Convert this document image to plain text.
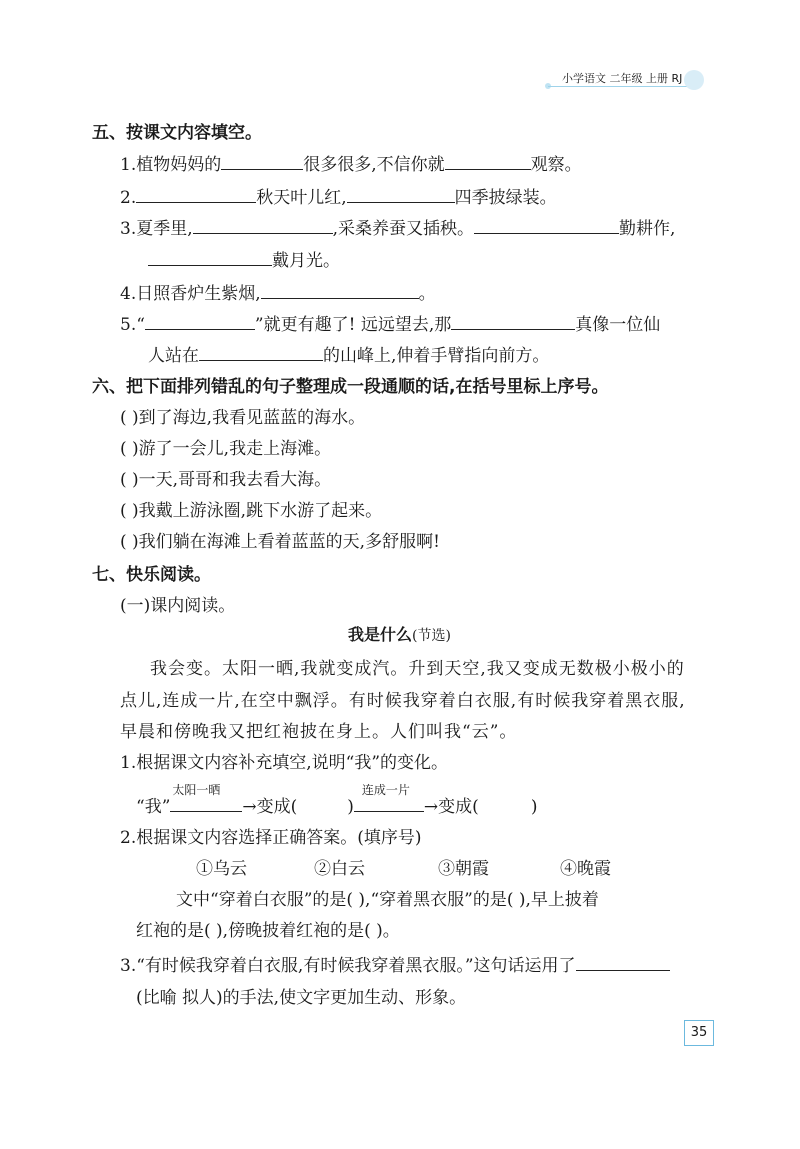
小学语文 二年级 上册 RJ
五、按课文内容填空。
1.植物妈妈的	很多很多,不信你就	观察。
2.	秋天叶儿红,	四季披绿装。
3.夏季里,	,采桑养蚕又插秧。	勤耕作,
戴月光。
4.日照香炉生紫烟,	。
5.“	”就更有趣了! 远远望去,那	真像一位仙
人站在	的山峰上,伸着手臂指向前方。
六、把下面排列错乱的句子整理成一段通顺的话,在括号里标上序号。
( )到了海边,我看见蓝蓝的海水。
( )游了一会儿,我走上海滩。
( )一天,哥哥和我去看大海。
( )我戴上游泳圈,跳下水游了起来。
( )我们躺在海滩上看着蓝蓝的天,多舒服啊!
七、快乐阅读。
(一)课内阅读。
我是什么(节选)
我会变。太阳一晒,我就变成汽。升到天空,我又变成无数极小极小的
点儿,连成一片,在空中飘浮。有时候我穿着白衣服,有时候我穿着黑衣服,
早晨和傍晚我又把红袍披在身上。人们叫我“云”。
1.根据课文内容补充填空,说明“我”的变化。
“我”
太阳一晒
→变成(	)
连成一片
→变成(	)
2.根据课文内容选择正确答案。(填序号)
①乌云	②白云	③朝霞	④晚霞
文中“穿着白衣服”的是( ),“穿着黑衣服”的是( ),早上披着
红袍的是( ),傍晚披着红袍的是( )。
3.“有时候我穿着白衣服,有时候我穿着黑衣服。”这句话运用了
(比喻 拟人)的手法,使文字更加生动、形象。
35
